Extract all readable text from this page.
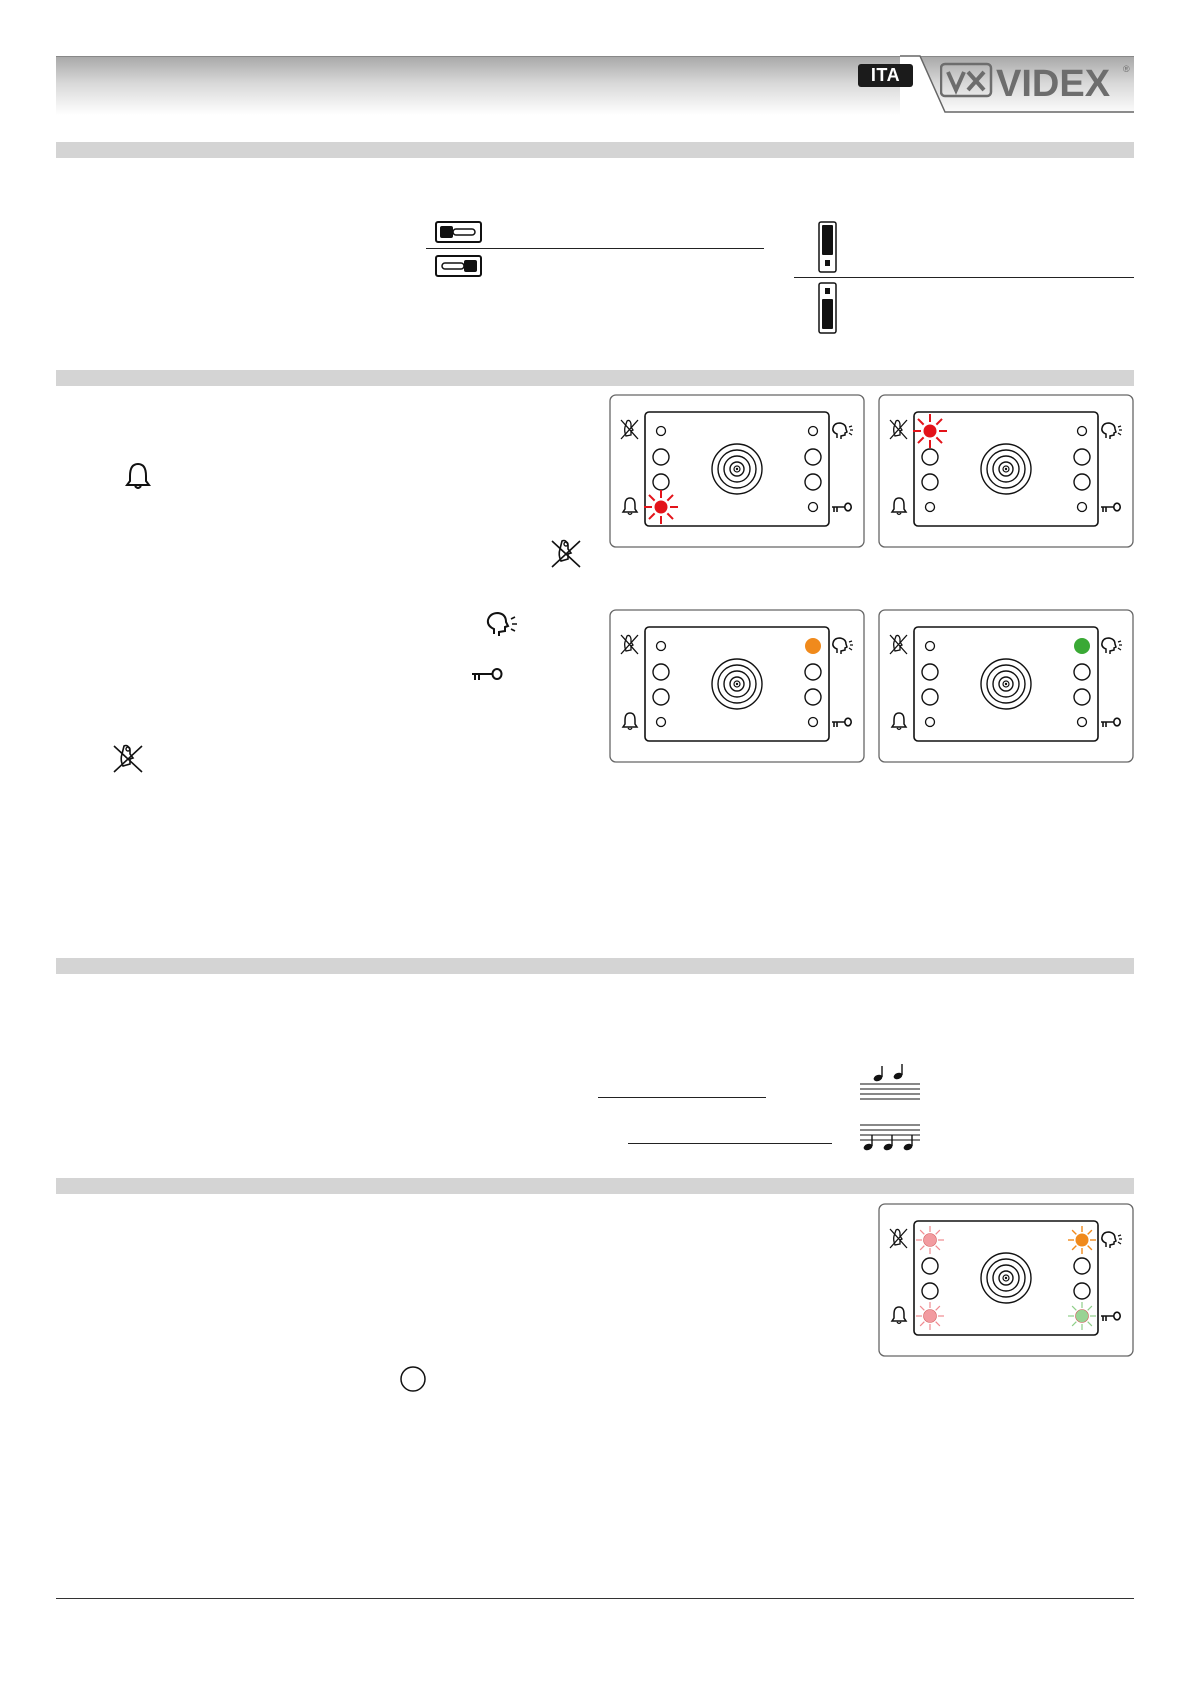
ITA	VIDEX ®
